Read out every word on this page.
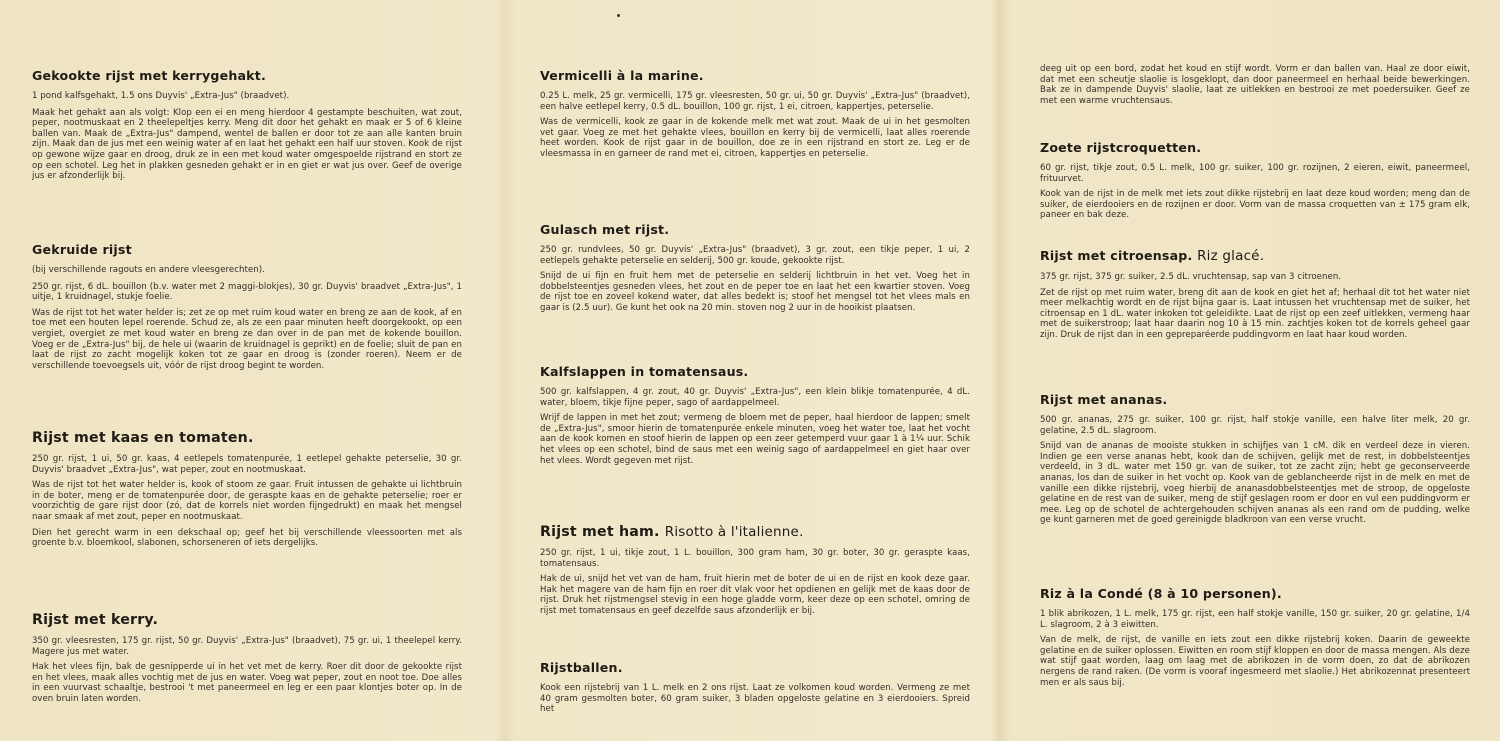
Gekookte rijst met kerrygehakt.

1 pond kalfsgehakt, 1.5 ons Duyvis' „Extra-Jus" (braadvet).

Maak het gehakt aan als volgt: Klop een ei en meng hierdoor 4 gestampte beschuiten, wat zout, peper, nootmuskaat en 2 theelepeltjes kerry. Meng dit door het gehakt en maak er 5 of 6 kleine ballen van. Maak de „Extra-Jus" dampend, wentel de ballen er door tot ze aan alle kanten bruin zijn. Maak dan de jus met een weinig water af en laat het gehakt een half uur stoven. Kook de rijst op gewone wijze gaar en droog, druk ze in een met koud water omgespoelde rijstrand en stort ze op een schotel. Leg het in plakken gesneden gehakt er in en giet er wat jus over. Geef de overige jus er afzonderlijk bij.

Gekruide rijst

(bij verschillende ragouts en andere vleesgerechten).

250 gr. rijst, 6 dL. bouillon (b.v. water met 2 maggi-blokjes), 30 gr. Duyvis' braadvet „Extra-Jus", 1 uitje, 1 kruidnagel, stukje foelie.

Was de rijst tot het water helder is; zet ze op met ruim koud water en breng ze aan de kook, af en toe met een houten lepel roerende. Schud ze, als ze een paar minuten heeft doorgekookt, op een vergiet, overgiet ze met koud water en breng ze dan over in de pan met de kokende bouillon. Voeg er de „Extra-Jus" bij, de hele ui (waarin de kruidnagel is geprikt) en de foelie; sluit de pan en laat de rijst zo zacht mogelijk koken tot ze gaar en droog is (zonder roeren). Neem er de verschillende toevoegsels uit, vóór de rijst droog begint te worden.

Rijst met kaas en tomaten.

250 gr. rijst, 1 ui, 50 gr. kaas, 4 eetlepels tomatenpurée, 1 eetlepel gehakte peterselie, 30 gr. Duyvis' braadvet „Extra-Jus", wat peper, zout en nootmuskaat.

Was de rijst tot het water helder is, kook of stoom ze gaar. Fruit intussen de gehakte ui lichtbruin in de boter, meng er de tomatenpurée door, de geraspte kaas en de gehakte peterselie; roer er voorzichtig de gare rijst door (zó, dat de korrels niet worden fijngedrukt) en maak het mengsel naar smaak af met zout, peper en nootmuskaat.

Dien het gerecht warm in een dekschaal op; geef het bij verschillende vleessoorten met als groente b.v. bloemkool, slabonen, schorseneren of iets dergelijks.

Rijst met kerry.

350 gr. vleesresten, 175 gr. rijst, 50 gr. Duyvis' „Extra-Jus" (braadvet), 75 gr. ui, 1 theelepel kerry. Magere jus met water.

Hak het vlees fijn, bak de gesnipperde ui in het vet met de kerry. Roer dit door de gekookte rijst en het vlees, maak alles vochtig met de jus en water. Voeg wat peper, zout en noot toe. Doe alles in een vuurvast schaaltje, bestrooi 't met paneermeel en leg er een paar klontjes boter op. In de oven bruin laten worden.

Vermicelli à la marine.

0.25 L. melk, 25 gr. vermicelli, 175 gr. vleesresten, 50 gr. ui, 50 gr. Duyvis' „Extra-Jus" (braadvet), een halve eetlepel kerry, 0.5 dL. bouillon, 100 gr. rijst, 1 ei, citroen, kappertjes, peterselie.

Was de vermicelli, kook ze gaar in de kokende melk met wat zout. Maak de ui in het gesmolten vet gaar. Voeg ze met het gehakte vlees, bouillon en kerry bij de vermicelli, laat alles roerende heet worden. Kook de rijst gaar in de bouillon, doe ze in een rijstrand en stort ze. Leg er de vleesmassa in en garneer de rand met ei, citroen, kappertjes en peterselie.

Gulasch met rijst.

250 gr. rundvlees, 50 gr. Duyvis' „Extra-Jus" (braadvet), 3 gr. zout, een tikje peper, 1 ui, 2 eetlepels gehakte peterselie en selderij, 500 gr. koude, gekookte rijst.

Snijd de ui fijn en fruit hem met de peterselie en selderij lichtbruin in het vet. Voeg het in dobbelsteentjes gesneden vlees, het zout en de peper toe en laat het een kwartier stoven. Voeg de rijst toe en zoveel kokend water, dat alles bedekt is; stoof het mengsel tot het vlees mals en gaar is (2.5 uur). Ge kunt het ook na 20 min. stoven nog 2 uur in de hooikist plaatsen.

Kalfslappen in tomatensaus.

500 gr. kalfslappen, 4 gr. zout, 40 gr. Duyvis' „Extra-Jus", een klein blikje tomatenpurée, 4 dL. water, bloem, tikje fijne peper, sago of aardappelmeel.

Wrijf de lappen in met het zout; vermeng de bloem met de peper, haal hierdoor de lappen; smelt de „Extra-Jus", smoor hierin de tomatenpurée enkele minuten, voeg het water toe, laat het vocht aan de kook komen en stoof hierin de lappen op een zeer getemperd vuur gaar 1 à 1¼ uur. Schik het vlees op een schotel, bind de saus met een weinig sago of aardappelmeel en giet haar over het vlees. Wordt gegeven met rijst.

Rijst met ham. Risotto à l'italienne.

250 gr. rijst, 1 ui, tikje zout, 1 L. bouillon, 300 gram ham, 30 gr. boter, 30 gr. geraspte kaas, tomatensaus.

Hak de ui, snijd het vet van de ham, fruit hierin met de boter de ui en de rijst en kook deze gaar. Hak het magere van de ham fijn en roer dit vlak voor het opdienen en gelijk met de kaas door de rijst. Druk het rijstmengsel stevig in een hoge gladde vorm, keer deze op een schotel, omring de rijst met tomatensaus en geef dezelfde saus afzonderlijk er bij.

Rijstballen.

Kook een rijstebrij van 1 L. melk en 2 ons rijst. Laat ze volkomen koud worden. Vermeng ze met 40 gram gesmolten boter, 60 gram suiker, 3 bladen opgeloste gelatine en 3 eierdooiers. Spreid het

deeg uit op een bord, zodat het koud en stijf wordt. Vorm er dan ballen van. Haal ze door eiwit, dat met een scheutje slaolie is losgeklopt, dan door paneermeel en herhaal beide bewerkingen. Bak ze in dampende Duyvis' slaolie, laat ze uitlekken en bestrooi ze met poedersuiker. Geef ze met een warme vruchtensaus.

Zoete rijstcroquetten.

60 gr. rijst, tikje zout, 0.5 L. melk, 100 gr. suiker, 100 gr. rozijnen, 2 eieren, eiwit, paneermeel, frituurvet.

Kook van de rijst in de melk met iets zout dikke rijstebrij en laat deze koud worden; meng dan de suiker, de eierdooiers en de rozijnen er door. Vorm van de massa croquetten van ± 175 gram elk, paneer en bak deze.

Rijst met citroensap. Riz glacé.

375 gr. rijst, 375 gr. suiker, 2.5 dL. vruchtensap, sap van 3 citroenen.

Zet de rijst op met ruim water, breng dit aan de kook en giet het af; herhaal dit tot het water niet meer melkachtig wordt en de rijst bijna gaar is. Laat intussen het vruchtensap met de suiker, het citroensap en 1 dL. water inkoken tot geleidikte. Laat de rijst op een zeef uitlekken, vermeng haar met de suikerstroop; laat haar daarin nog 10 à 15 min. zachtjes koken tot de korrels geheel gaar zijn. Druk de rijst dan in een gepreparéerde puddingvorm en laat haar koud worden.

Rijst met ananas.

500 gr. ananas, 275 gr. suiker, 100 gr. rijst, half stokje vanille, een halve liter melk, 20 gr. gelatine, 2.5 dL. slagroom.

Snijd van de ananas de mooiste stukken in schijfjes van 1 cM. dik en verdeel deze in vieren. Indien ge een verse ananas hebt, kook dan de schijven, gelijk met de rest, in dobbelsteentjes verdeeld, in 3 dL. water met 150 gr. van de suiker, tot ze zacht zijn; hebt ge geconserveerde ananas, los dan de suiker in het vocht op. Kook van de geblancheerde rijst in de melk en met de vanille een dikke rijstebrij, voeg hierbij de ananasdobbelsteentjes met de stroop, de opgeloste gelatine en de rest van de suiker, meng de stijf geslagen room er door en vul een puddingvorm er mee. Leg op de schotel de achtergehouden schijven ananas als een rand om de pudding, welke ge kunt garneren met de goed gereinigde bladkroon van een verse vrucht.

Riz à la Condé (8 à 10 personen).

1 blik abrikozen, 1 L. melk, 175 gr. rijst, een half stokje vanille, 150 gr. suiker, 20 gr. gelatine, 1/4 L. slagroom, 2 à 3 eiwitten.

Van de melk, de rijst, de vanille en iets zout een dikke rijstebrij koken. Daarin de geweekte gelatine en de suiker oplossen. Eiwitten en room stijf kloppen en door de massa mengen. Als deze wat stijf gaat worden, laag om laag met de abrikozen in de vorm doen, zo dat de abrikozen nergens de rand raken. (De vorm is vooraf ingesmeerd met slaolie.) Het abrikozennat presenteert men er als saus bij.
